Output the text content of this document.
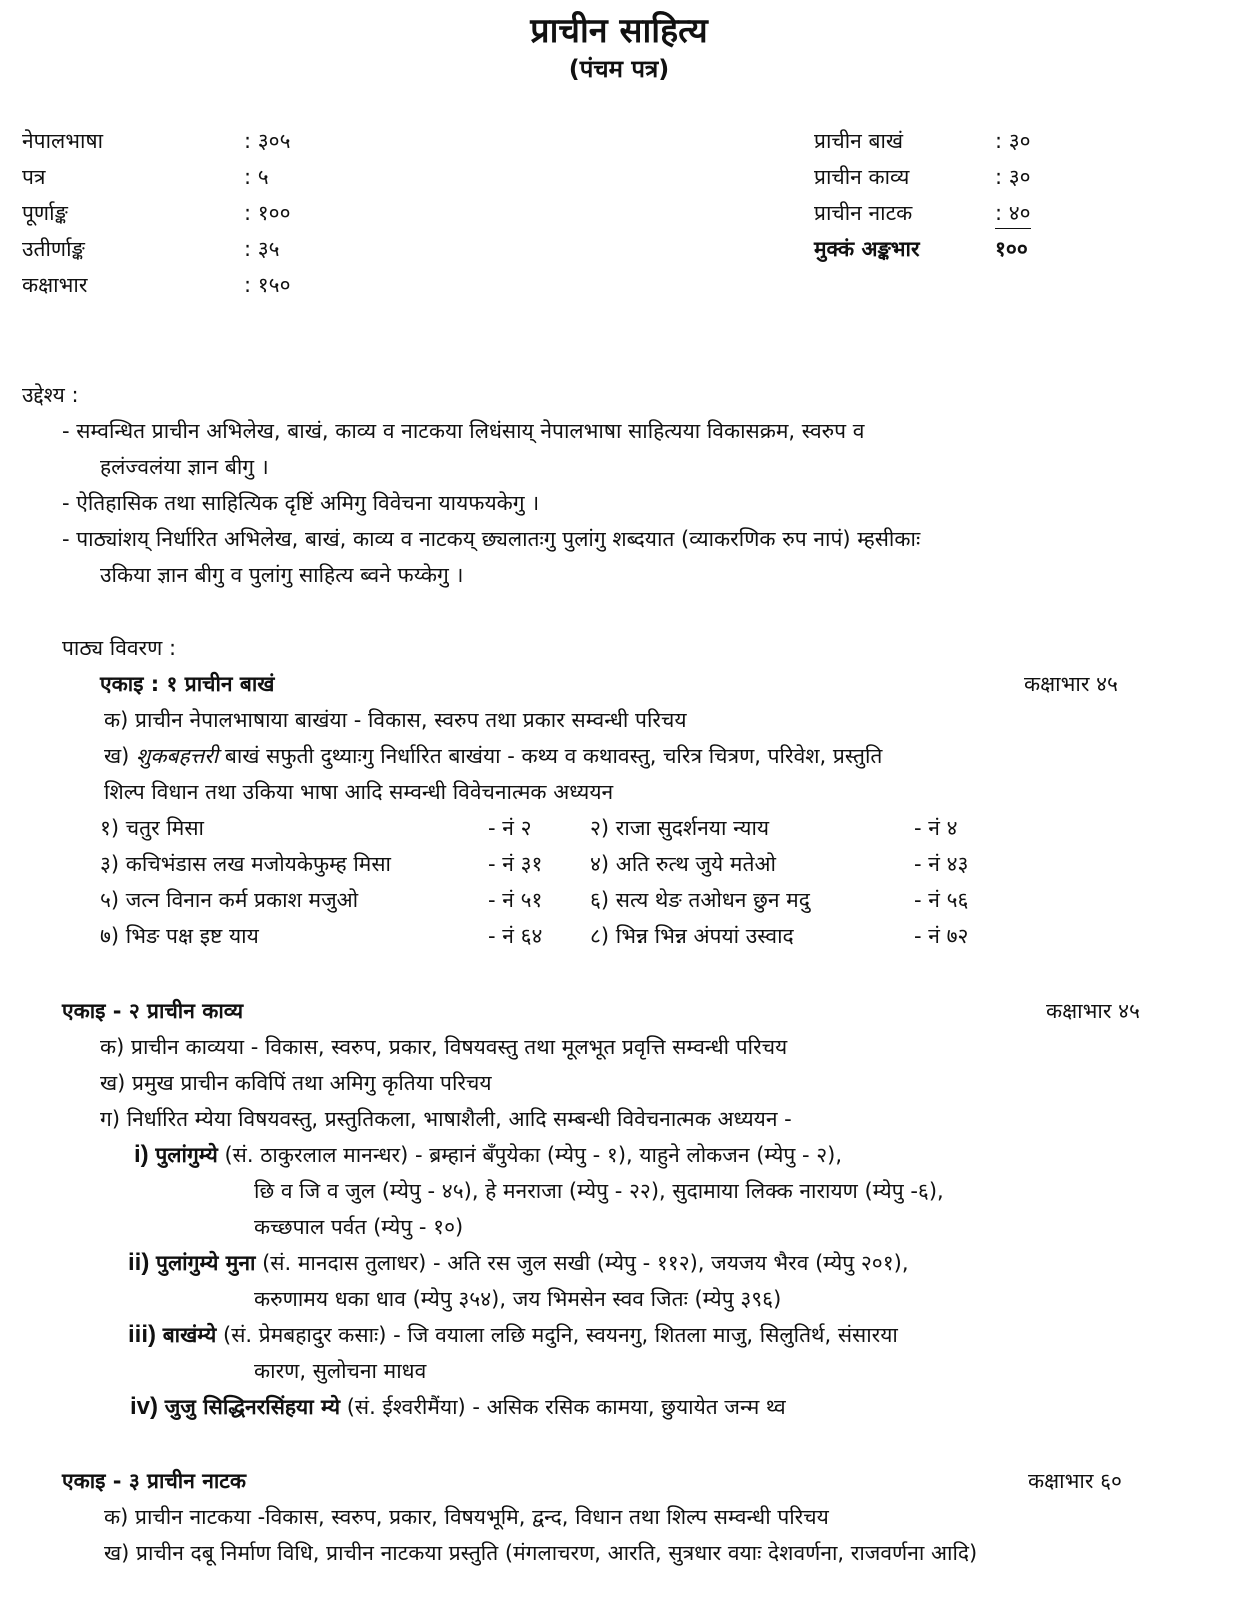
प्राचीन साहित्य
(पंचम पत्र)
नेपालभाषा	: ३०५
पत्र	: ५
पूर्णाङ्क	: १००
उतीर्णाङ्क	: ३५
कक्षाभार	: १५०
प्राचीन बाखं	: ३०
प्राचीन काव्य	: ३०
प्राचीन नाटक	: ४०
मुक्कं अङ्कभार	१००
उद्देश्य :
- सम्वन्धित प्राचीन अभिलेख, बाखं, काव्य व नाटकया लिधंसाय् नेपालभाषा साहित्यया विकासक्रम, स्वरुप व
हलंज्वलंया ज्ञान बीगु ।
- ऐतिहासिक तथा साहित्यिक दृष्टिं अमिगु विवेचना यायफयकेगु ।
- पाठ्यांशय् निर्धारित अभिलेख, बाखं, काव्य व नाटकय् छ्यलातःगु पुलांगु शब्दयात (व्याकरणिक रुप नापं) म्हसीकाः
उकिया ज्ञान बीगु व पुलांगु साहित्य ब्वने फय्केगु ।
पाठ्य विवरण :
एकाइ : १ प्राचीन बाखं	कक्षाभार ४५
क) प्राचीन नेपालभाषाया बाखंया - विकास, स्वरुप तथा प्रकार सम्वन्धी परिचय
ख) शुकबहत्तरी बाखं सफुती दुथ्याःगु निर्धारित बाखंया - कथ्य व कथावस्तु, चरित्र चित्रण, परिवेश, प्रस्तुति
शिल्प विधान तथा उकिया भाषा आदि सम्वन्धी विवेचनात्मक अध्ययन
१) चतुर मिसा	- नं २	२) राजा सुदर्शनया न्याय	- नं ४
३) कचिभंडास लख मजोयकेफुम्ह मिसा	- नं ३१ ४) अति रुत्थ जुये मतेओ	- नं ४३
५) जत्न विनान कर्म प्रकाश मजुओ	- नं ५१ ६) सत्य थेङ तओधन छुन मदु	- नं ५६
७) भिङ पक्ष इष्ट याय	- नं ६४ ८) भिन्न भिन्न अंपयां उस्वाद	- नं ७२
एकाइ - २ प्राचीन काव्य	कक्षाभार ४५
क) प्राचीन काव्यया - विकास, स्वरुप, प्रकार, विषयवस्तु तथा मूलभूत प्रवृत्ति सम्वन्धी परिचय
ख) प्रमुख प्राचीन कविपिं तथा अमिगु कृतिया परिचय
ग) निर्धारित म्येया विषयवस्तु, प्रस्तुतिकला, भाषाशैली, आदि सम्बन्धी विवेचनात्मक अध्ययन -
i) पुलांगुम्ये (सं. ठाकुरलाल मानन्धर) - ब्रम्हानं बँपुयेका (म्येपु - १), याहुने लोकजन (म्येपु - २),
छि व जि व जुल (म्येपु - ४५), हे मनराजा (म्येपु - २२), सुदामाया लिक्क नारायण (म्येपु -६),
कच्छपाल पर्वत (म्येपु - १०)
ii) पुलांगुम्ये मुना (सं. मानदास तुलाधर) - अति रस जुल सखी (म्येपु - ११२), जयजय भैरव (म्येपु २०१),
करुणामय धका धाव (म्येपु ३५४), जय भिमसेन स्वव जितः (म्येपु ३९६)
iii) बाखंम्ये (सं. प्रेमबहादुर कसाः) - जि वयाला लछि मदुनि, स्वयनगु, शितला माजु, सिलुतिर्थ, संसारया
कारण, सुलोचना माधव
iv) जुजु सिद्धिनरसिंहया म्ये (सं. ईश्वरीमैंया) - असिक रसिक कामया, छुयायेत जन्म थ्व
एकाइ - ३ प्राचीन नाटक	कक्षाभार ६०
क) प्राचीन नाटकया -विकास, स्वरुप, प्रकार, विषयभूमि, द्वन्द, विधान तथा शिल्प सम्वन्धी परिचय
ख) प्राचीन दबू निर्माण विधि, प्राचीन नाटकया प्रस्तुति (मंगलाचरण, आरति, सुत्रधार वयाः देशवर्णना, राजवर्णना आदि)
